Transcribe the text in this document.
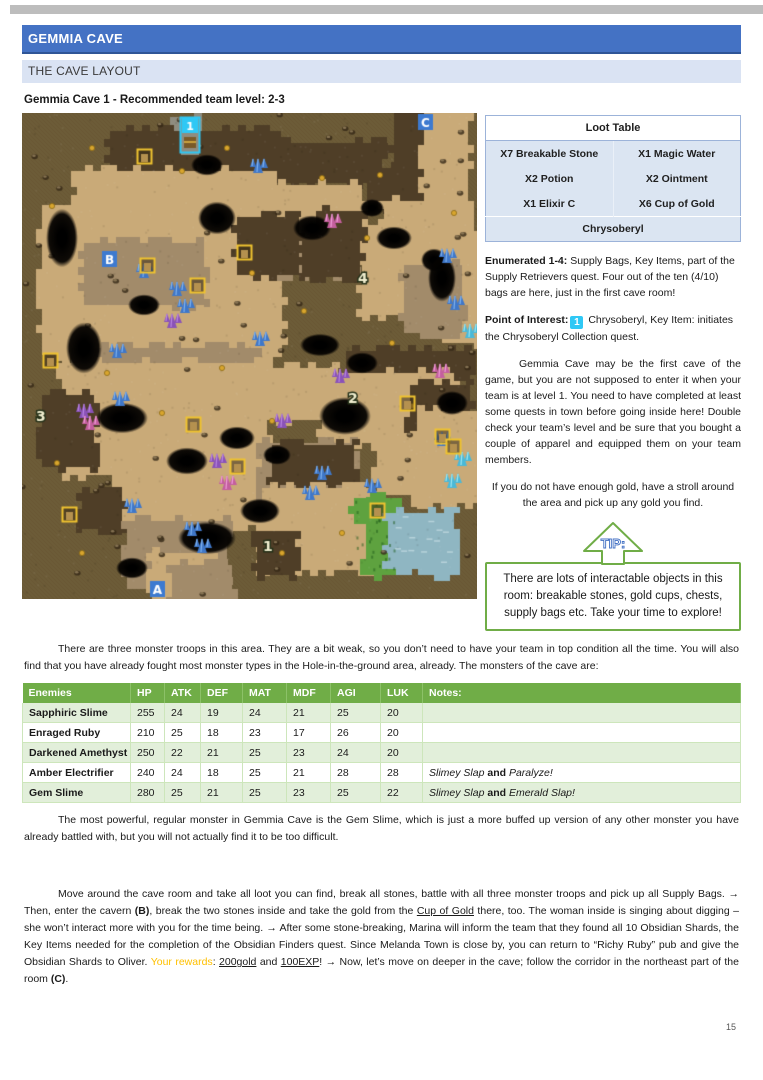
GEMMIA CAVE
THE CAVE LAYOUT
Gemmia Cave 1 - Recommended team level: 2-3
Loot Table	
X7 Breakable Stone	X1 Magic Water
X2 Potion	X2 Ointment
X1 Elixir C	X6 Cup of Gold
Chrysoberyl	

Enumerated 1-4: Supply Bags, Key Items, part of the Supply Retrievers quest. Four out of the ten (4/10) bags are here, just in the first cave room!

Point of Interest: 1 Chrysoberyl, Key Item: initiates the Chrysoberyl Collection quest.

Gemmia Cave may be the first cave of the game, but you are not supposed to enter it when your team is at level 1. You need to have completed at least some quests in town before going inside here! Double check your team’s level and be sure that you bought a couple of apparel and equipped them on your team members.

If you do not have enough gold, have a stroll around the area and pick up any gold you find.

TIP:
There are lots of interactable objects in this room: breakable stones, gold cups, chests, supply bags etc. Take your time to explore!

There are three monster troops in this area. They are a bit weak, so you don’t need to have your team in top condition all the time. You will also find that you have already fought most monster types in the Hole-in-the-ground area, already. The monsters of the cave are:

Enemies	HP	ATK	DEF	MAT	MDF	AGI	LUK	Notes:
Sapphiric Slime	255	24	19	24	21	25	20	
Enraged Ruby	210	25	18	23	17	26	20	
Darkened Amethyst	250	22	21	25	23	24	20	
Amber Electrifier	240	24	18	25	21	28	28	Slimey Slap and Paralyze!
Gem Slime	280	25	21	25	23	25	22	Slimey Slap and Emerald Slap!

The most powerful, regular monster in Gemmia Cave is the Gem Slime, which is just a more buffed up version of any other monster you have already battled with, but you will not actually find it to be too difficult.

Move around the cave room and take all loot you can find, break all stones, battle with all three monster troops and pick up all Supply Bags. → Then, enter the cavern (B), break the two stones inside and take the gold from the Cup of Gold there, too. The woman inside is singing about digging – she won’t interact more with you for the time being. → After some stone-breaking, Marina will inform the team that they found all 10 Obsidian Shards, the Key Items needed for the completion of the Obsidian Finders quest. Since Melanda Town is close by, you can return to “Richy Ruby” pub and give the Obsidian Shards to Oliver. Your rewards: 200gold and 100EXP! → Now, let’s move on deeper in the cave; follow the corridor in the northeast part of the room (C).

15
